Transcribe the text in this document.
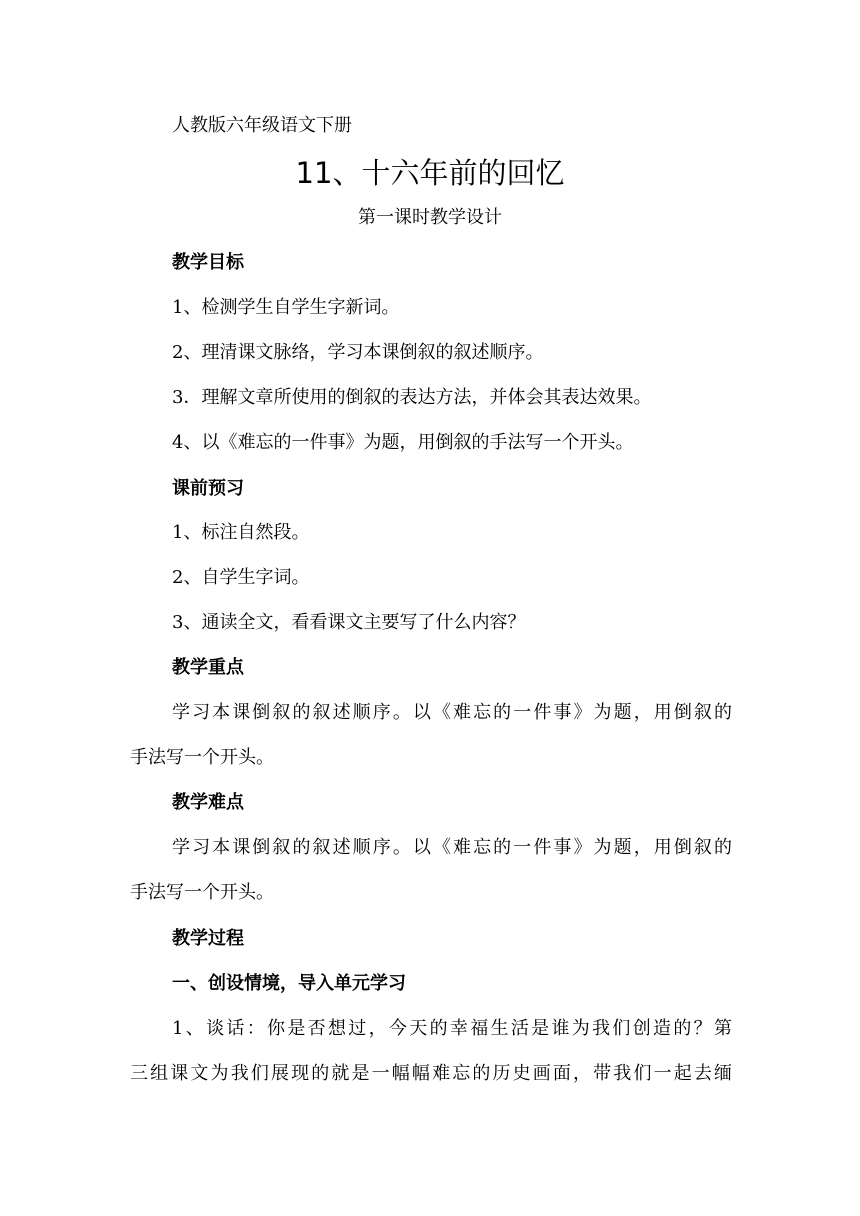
人教版六年级语文下册
11、十六年前的回忆
第一课时教学设计
教学目标
1、检测学生自学生字新词。
2、理清课文脉络，学习本课倒叙的叙述顺序。
3．理解文章所使用的倒叙的表达方法，并体会其表达效果。
4、以《难忘的一件事》为题，用倒叙的手法写一个开头。
课前预习
1、标注自然段。
2、自学生字词。
3、通读全文，看看课文主要写了什么内容？
教学重点
学习本课倒叙的叙述顺序。以《难忘的一件事》为题，用倒叙的
手法写一个开头。
教学难点
学习本课倒叙的叙述顺序。以《难忘的一件事》为题，用倒叙的
手法写一个开头。
教学过程
一、创设情境，导入单元学习
1、谈话：你是否想过，今天的幸福生活是谁为我们创造的？第
三组课文为我们展现的就是一幅幅难忘的历史画面，带我们一起去缅
